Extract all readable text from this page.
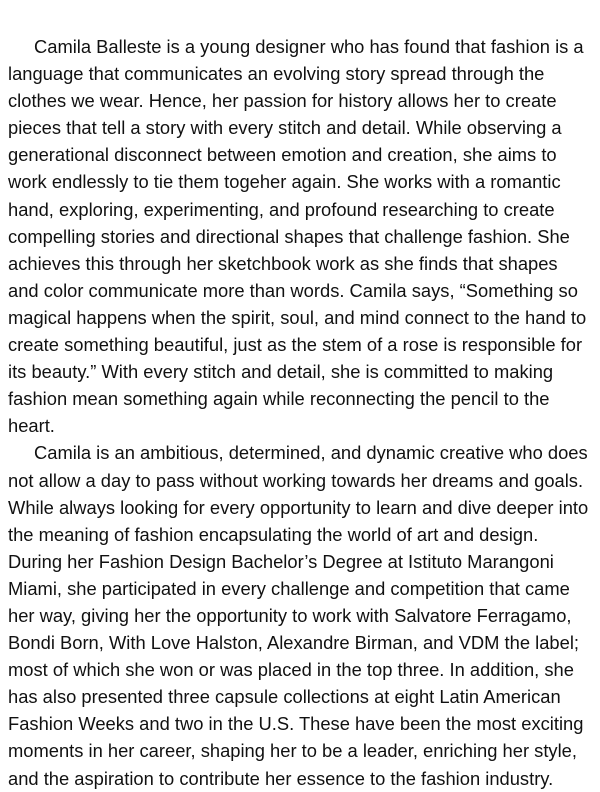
Camila Balleste is a young designer who has found that fashion is a language that communicates an evolving story spread through the clothes we wear. Hence, her passion for history allows her to create pieces that tell a story with every stitch and detail. While observing a generational disconnect between emotion and creation, she aims to work endlessly to tie them togeher again. She works with a romantic hand, exploring, experimenting, and profound researching to create compelling stories and directional shapes that challenge fashion. She achieves this through her sketchbook work as she finds that shapes and color communicate more than words. Camila says, “Something so magical happens when the spirit, soul, and mind connect to the hand to create something beautiful, just as the stem of a rose is responsible for its beauty.” With every stitch and detail, she is committed to making fashion mean something again while reconnecting the pencil to the heart.

Camila is an ambitious, determined, and dynamic creative who does not allow a day to pass without working towards her dreams and goals. While always looking for every opportunity to learn and dive deeper into the meaning of fashion encapsulating the world of art and design. During her Fashion Design Bachelor’s Degree at Istituto Marangoni Miami, she participated in every challenge and competition that came her way, giving her the opportunity to work with Salvatore Ferragamo, Bondi Born, With Love Halston, Alexandre Birman, and VDM the label; most of which she won or was placed in the top three. In addition, she has also presented three capsule collections at eight Latin American Fashion Weeks and two in the U.S. These have been the most exciting moments in her career, shaping her to be a leader, enriching her style, and the aspiration to contribute her essence to the fashion industry.
